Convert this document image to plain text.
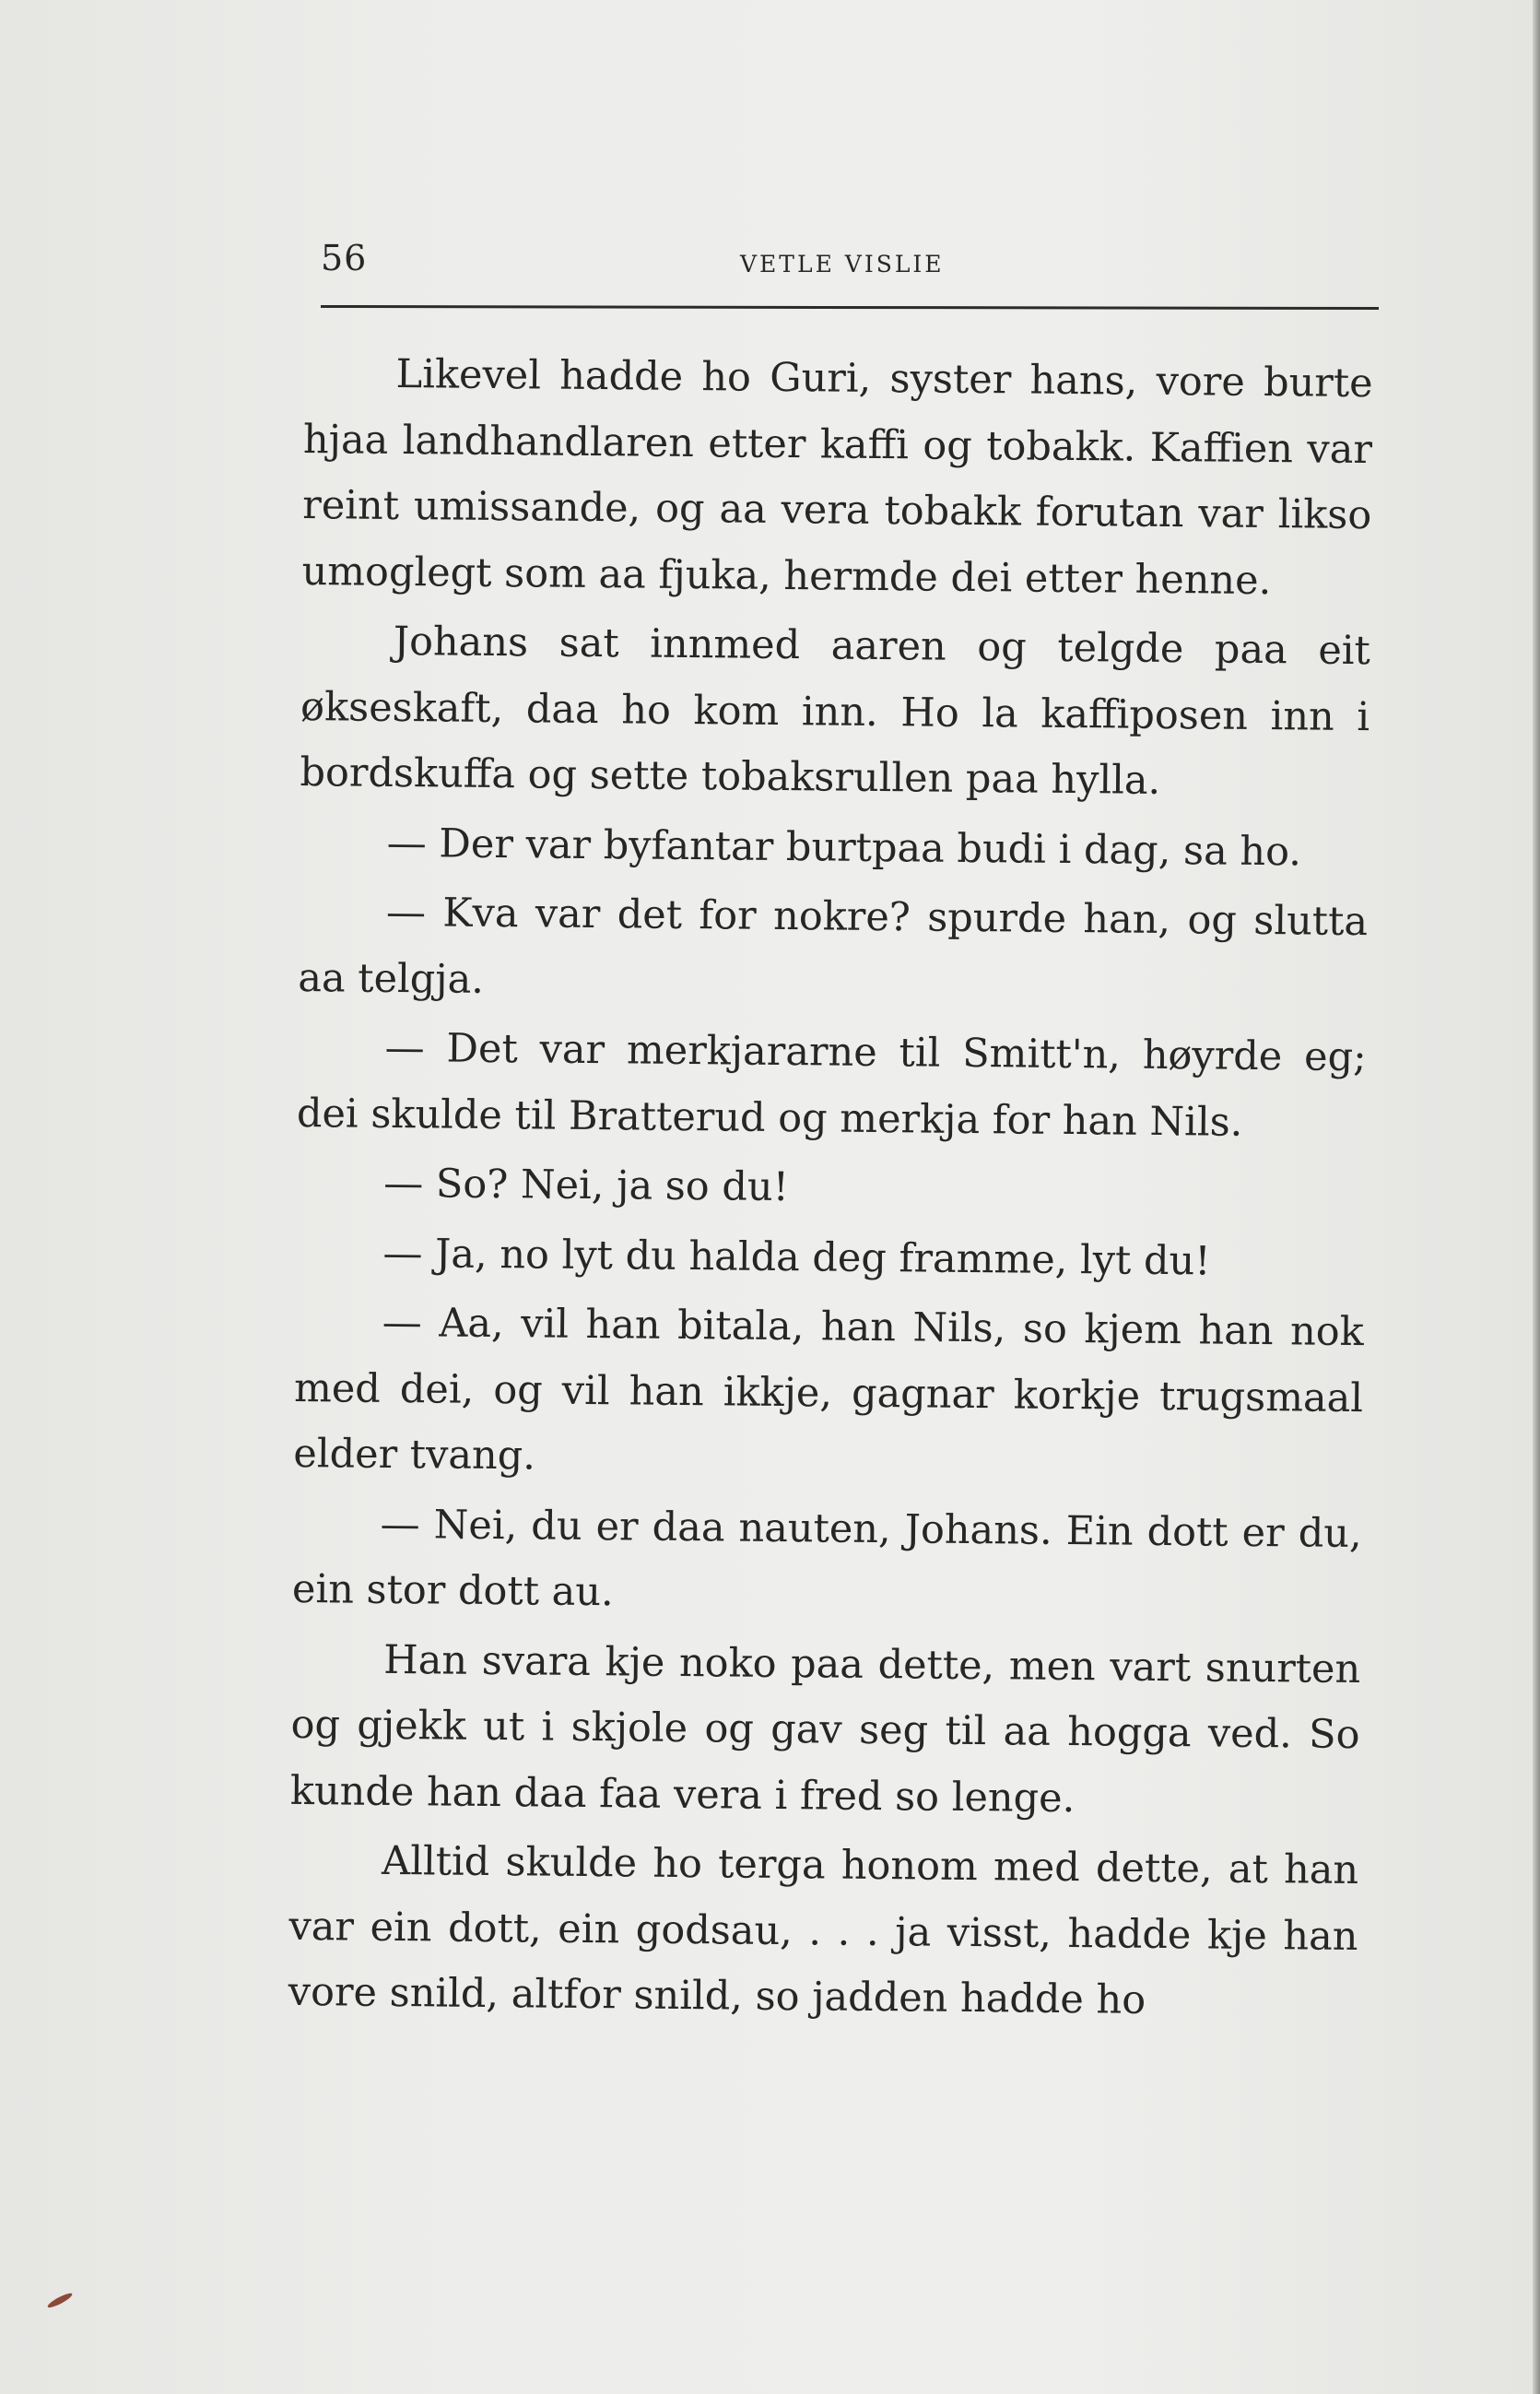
56	VETLE VISLIE

Likevel hadde ho Guri, syster hans, vore burte hjaa landhandlaren etter kaffi og tobakk. Kaffien var reint umissande, og aa vera tobakk forutan var likso umoglegt som aa fjuka, hermde dei etter henne.

Johans sat innmed aaren og telgde paa eit økseskaft, daa ho kom inn. Ho la kaffiposen inn i bordskuffa og sette tobaksrullen paa hylla.

— Der var byfantar burtpaa budi i dag, sa ho.

— Kva var det for nokre? spurde han, og slutta aa telgja.

— Det var merkjararne til Smitt'n, høyrde eg; dei skulde til Bratterud og merkja for han Nils.

— So? Nei, ja so du!

— Ja, no lyt du halda deg framme, lyt du!

— Aa, vil han bitala, han Nils, so kjem han nok med dei, og vil han ikkje, gagnar korkje trugsmaal elder tvang.

— Nei, du er daa nauten, Johans. Ein dott er du, ein stor dott au.

Han svara kje noko paa dette, men vart snurten og gjekk ut i skjole og gav seg til aa hogga ved. So kunde han daa faa vera i fred so lenge.

Alltid skulde ho terga honom med dette, at han var ein dott, ein godsau, . . . ja visst, hadde kje han vore snild, altfor snild, so jadden hadde ho
